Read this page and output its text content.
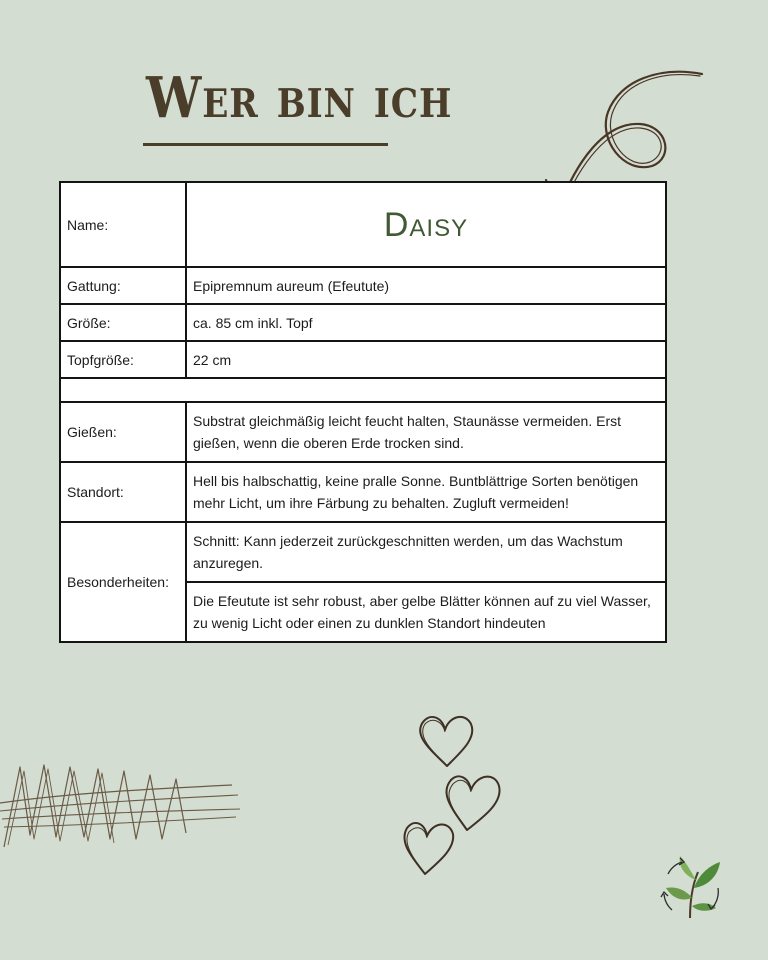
Wer bin ich
Name:	Daisy
Gattung:	Epipremnum aureum (Efeutute)
Größe:	ca. 85 cm inkl. Topf
Topfgröße:	22 cm

Gießen:	Substrat gleichmäßig leicht feucht halten, Staunässe vermeiden. Erst gießen, wenn die oberen Erde trocken sind.
Standort:	Hell bis halbschattig, keine pralle Sonne. Buntblättrige Sorten benötigen mehr Licht, um ihre Färbung zu behalten. Zugluft vermeiden!
Besonderheiten:	Schnitt: Kann jederzeit zurückgeschnitten werden, um das Wachstum anzuregen.
	Die Efeutute ist sehr robust, aber gelbe Blätter können auf zu viel Wasser, zu wenig Licht oder einen zu dunklen Standort hindeuten
